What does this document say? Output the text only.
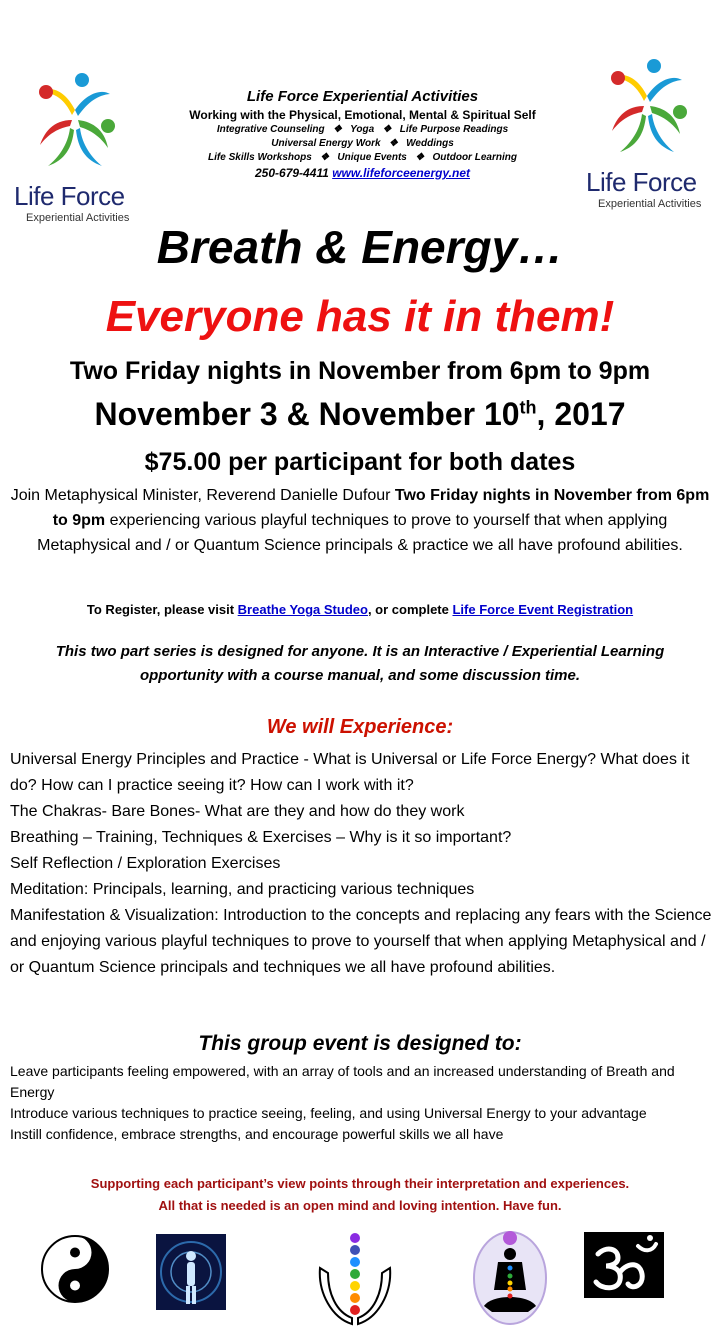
Life Force
Experiential Activities
Life Force
Experiential Activities
Life Force Experiential Activities
Working with the Physical, Emotional, Mental & Spiritual Self
Integrative Counseling   ❖   Yoga   ❖   Life Purpose Readings
Universal Energy Work   ❖   Weddings
Life Skills Workshops   ❖   Unique Events   ❖   Outdoor Learning
250-679-4411 www.lifeforceenergy.net
Breath & Energy…
Everyone has it in them!
Two Friday nights in November from 6pm to 9pm
November 3 & November 10th, 2017
$75.00 per participant for both dates
Join Metaphysical Minister, Reverend Danielle Dufour Two Friday nights in November from 6pm to 9pm experiencing various playful techniques to prove to yourself that when applying Metaphysical and / or Quantum Science principals & practice we all have profound abilities.
To Register, please visit Breathe Yoga Studeo, or complete Life Force Event Registration
This two part series is designed for anyone. It is an Interactive / Experiential Learning opportunity with a course manual, and some discussion time.
We will Experience:
Universal Energy Principles and Practice - What is Universal or Life Force Energy? What does it do? How can I practice seeing it? How can I work with it?
The Chakras- Bare Bones- What are they and how do they work
Breathing – Training, Techniques & Exercises – Why is it so important?
Self Reflection / Exploration Exercises
Meditation: Principals, learning, and practicing various techniques
Manifestation & Visualization: Introduction to the concepts and replacing any fears with the Science and enjoying various playful techniques to prove to yourself that when applying Metaphysical and / or Quantum Science principals and techniques we all have profound abilities.
This group event is designed to:
Leave participants feeling empowered, with an array of tools and an increased understanding of Breath and Energy
Introduce various techniques to practice seeing, feeling, and using Universal Energy to your advantage
Instill confidence, embrace strengths, and encourage powerful skills we all have
Supporting each participant’s view points through their interpretation and experiences.
All that is needed is an open mind and loving intention. Have fun.
